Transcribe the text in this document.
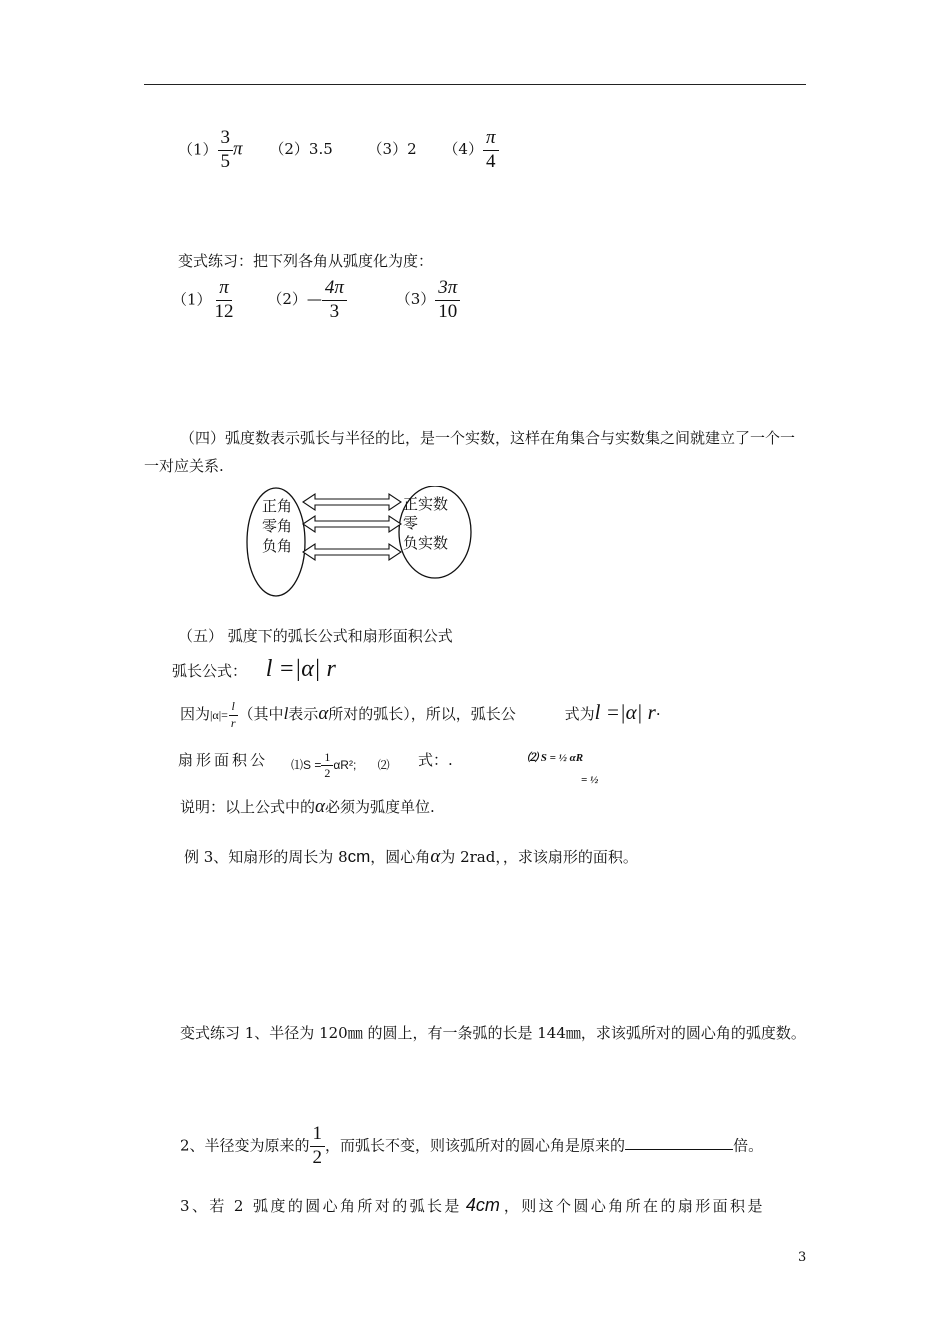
$(1) \frac{3}{5}$ π （2）3.5 （3）2 $(4) \frac{\pi}{4}$
变式练习：把下列各角从弧度化为度：
$(1) \frac{\pi}{12}$ （2）— $\frac{4\pi}{3}$	$(3) \frac{3\pi}{10}$
（四）弧度数表示弧长与半径的比，是一个实数，这样在角集合与实数集之间就建立了一个一一对应关系.
正角
零角
负角
正实数
零
负实数
（五） 弧度下的弧长公式和扇形面积公式
弧长公式： l =|α| r
因为$|\alpha|= \frac{l}{r}$ （其中l表示α所对的弧长），所以，弧长公	式为l =|α| r·
扇形面积公 ⑴S = $\frac{1}{2} \alpha R^2$; ⑵ 式：.	⑵ S = ½ αR
= ½
说明：以上公式中的α必须为弧度单位.
例 3、知扇形的周长为 8cm，圆心角α为 2rad，，求该扇形的面积。
变式练习 1、半径为 120㎜ 的圆上，有一条弧的长是 144㎜，求该弧所对的圆心角的弧度数。
2、半径变为原来的 $\frac{1}{2}$ ，而弧长不变，则该弧所对的圆心角是原来的	倍。
3、若 2 弧度的圆心角所对的弧长是 4cm ，则这个圆心角所在的扇形面积是
3
